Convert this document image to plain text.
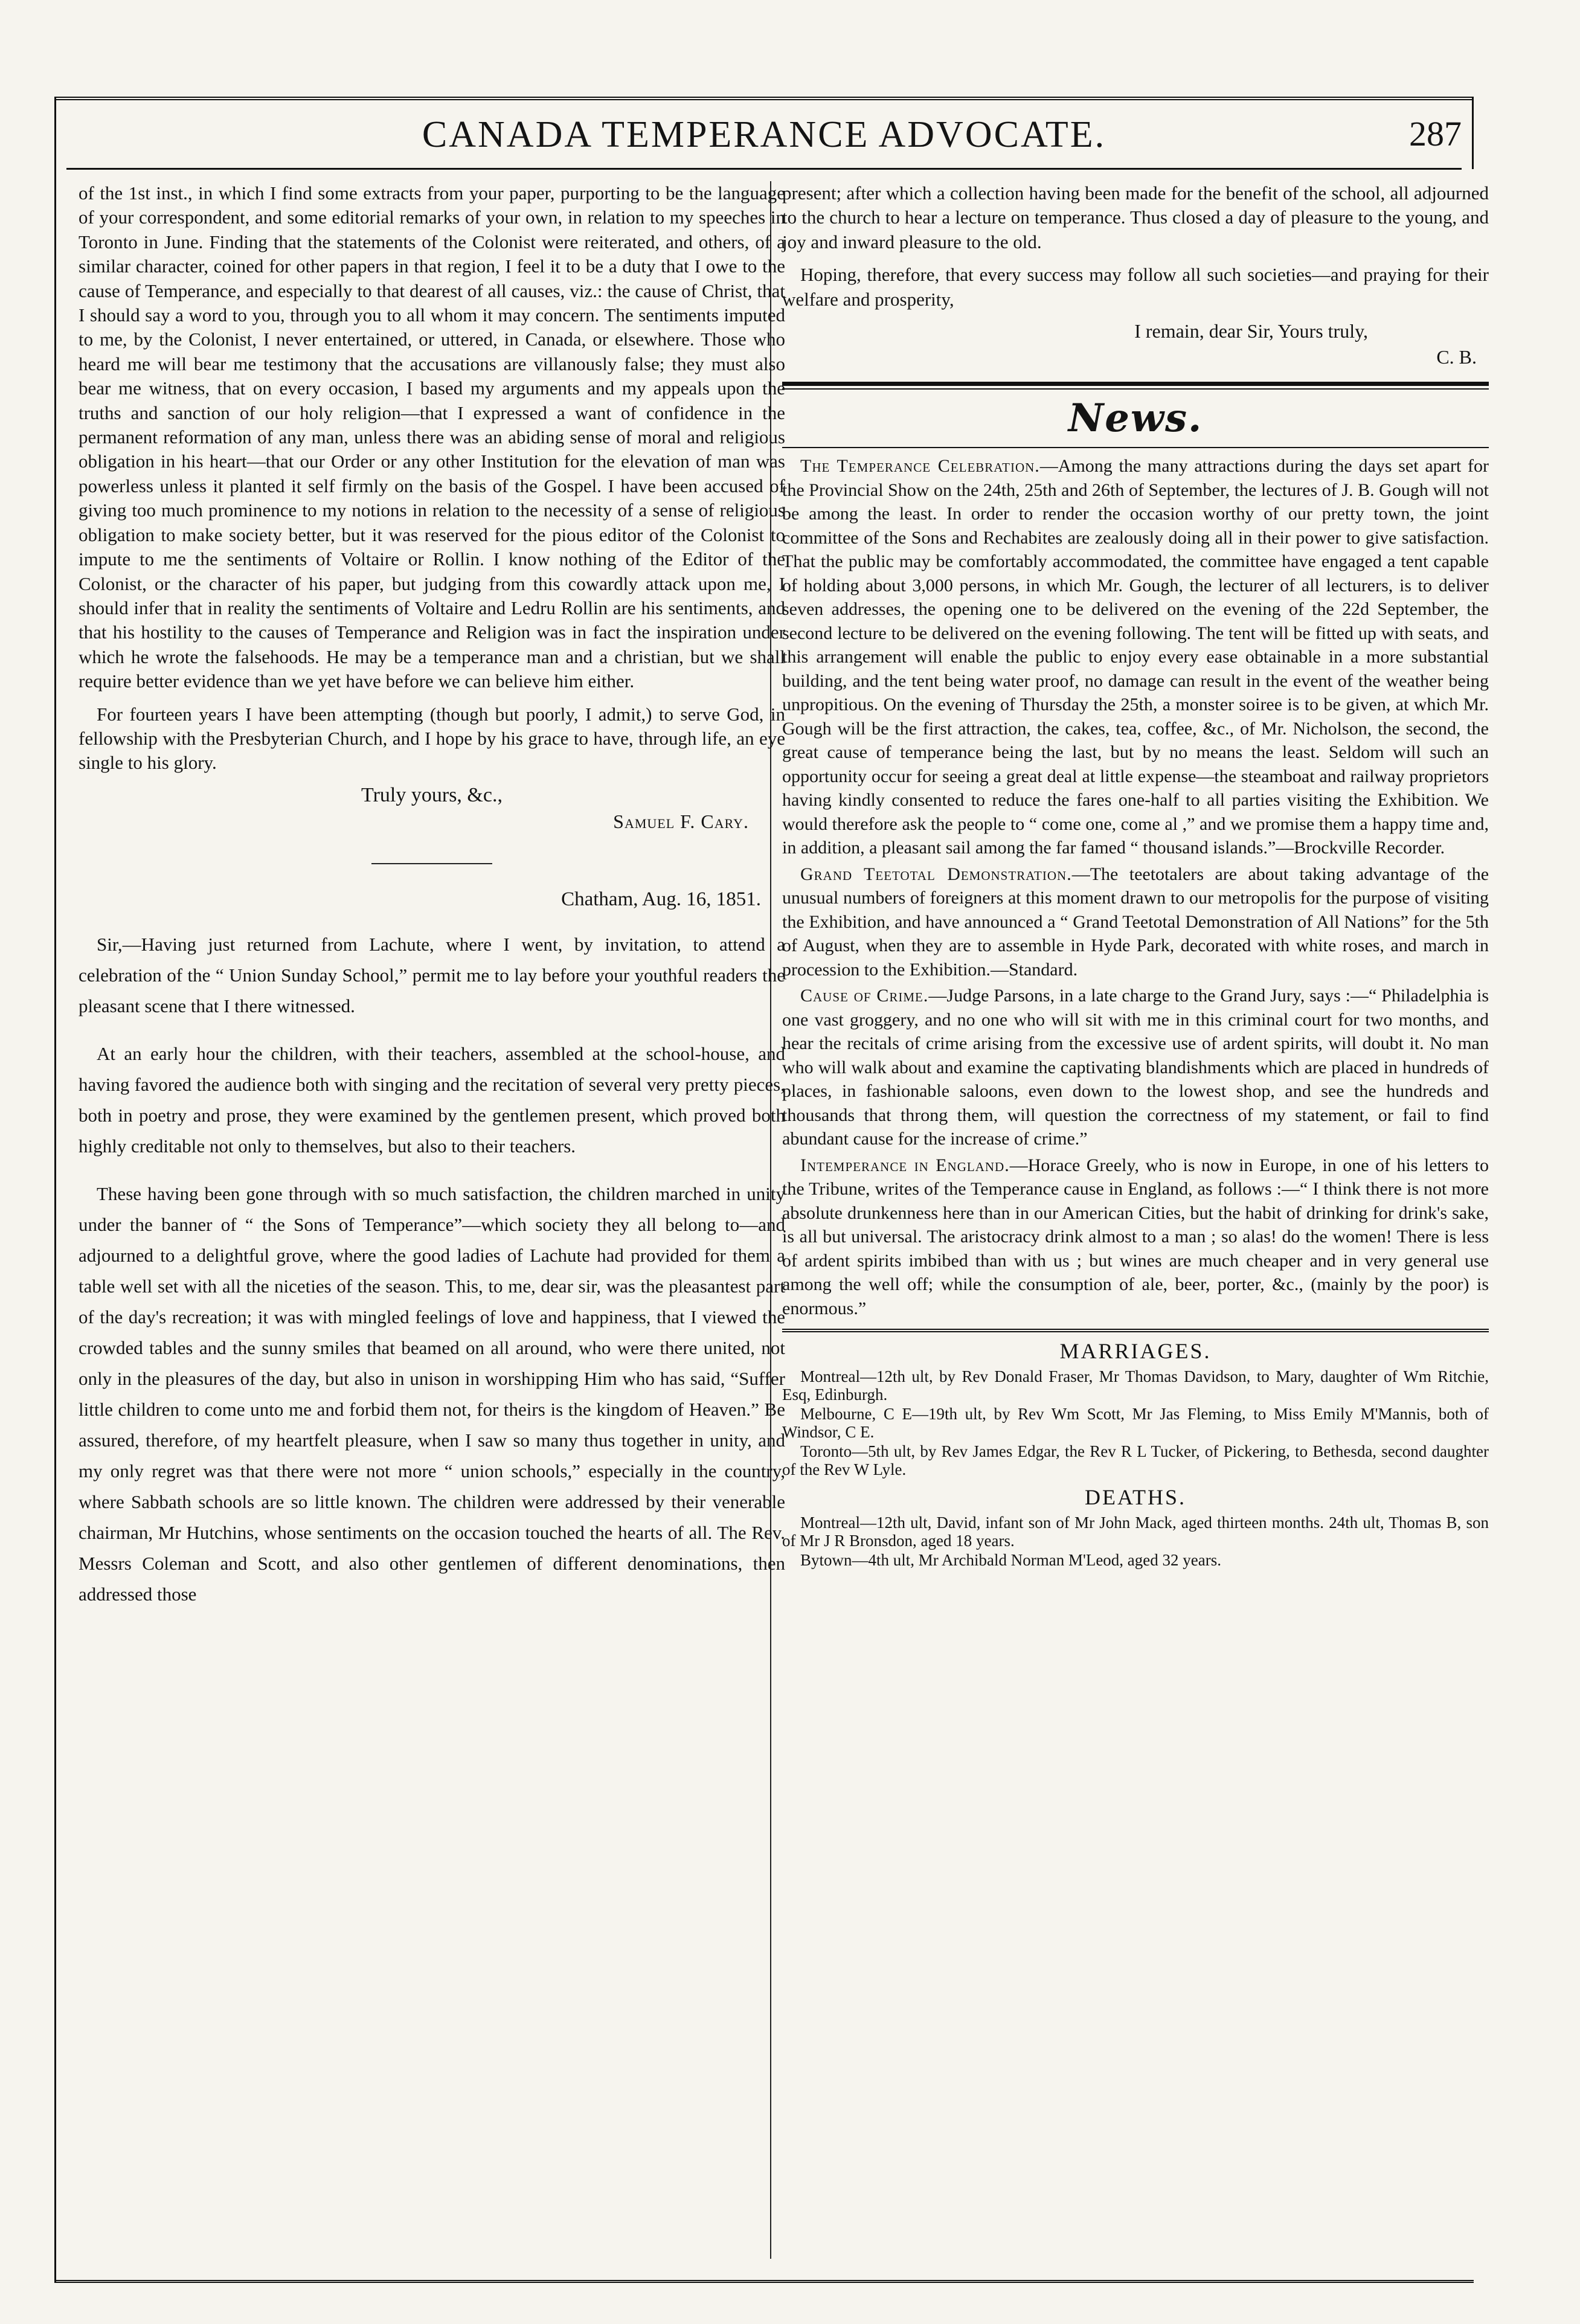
CANADA TEMPERANCE ADVOCATE.	287

of the 1st inst., in which I find some extracts from your paper, purporting to be the language of your correspondent, and some editorial remarks of your own, in relation to my speeches in Toronto in June. Finding that the statements of the Colonist were reiterated, and others, of a similar character, coined for other papers in that region, I feel it to be a duty that I owe to the cause of Temperance, and especially to that dearest of all causes, viz.: the cause of Christ, that I should say a word to you, through you to all whom it may concern. The sentiments imputed to me, by the Colonist, I never entertained, or uttered, in Canada, or elsewhere. Those who heard me will bear me testimony that the accusations are villanously false; they must also bear me witness, that on every occasion, I based my arguments and my appeals upon the truths and sanction of our holy religion—that I expressed a want of confidence in the permanent reformation of any man, unless there was an abiding sense of moral and religious obligation in his heart—that our Order or any other Institution for the elevation of man was powerless unless it planted it self firmly on the basis of the Gospel. I have been accused of giving too much prominence to my notions in relation to the necessity of a sense of religious obligation to make society better, but it was reserved for the pious editor of the Colonist to impute to me the sentiments of Voltaire or Rollin. I know nothing of the Editor of the Colonist, or the character of his paper, but judging from this cowardly attack upon me, I should infer that in reality the sentiments of Voltaire and Ledru Rollin are his sentiments, and that his hostility to the causes of Temperance and Religion was in fact the inspiration under which he wrote the falsehoods. He may be a temperance man and a christian, but we shall require better evidence than we yet have before we can believe him either.

For fourteen years I have been attempting (though but poorly, I admit,) to serve God, in fellowship with the Presbyterian Church, and I hope by his grace to have, through life, an eye single to his glory.

Truly yours, &c.,
Samuel F. Cary.
Chatham, Aug. 16, 1851.

Sir,—Having just returned from Lachute, where I went, by invitation, to attend a celebration of the “ Union Sunday School,” permit me to lay before your youthful readers the pleasant scene that I there witnessed.

At an early hour the children, with their teachers, assembled at the school-house, and having favored the audience both with singing and the recitation of several very pretty pieces, both in poetry and prose, they were examined by the gentlemen present, which proved both highly creditable not only to themselves, but also to their teachers.

These having been gone through with so much satisfaction, the children marched in unity under the banner of “ the Sons of Temperance”—which society they all belong to—and adjourned to a delightful grove, where the good ladies of Lachute had provided for them a table well set with all the niceties of the season. This, to me, dear sir, was the pleasantest part of the day's recreation; it was with mingled feelings of love and happiness, that I viewed the crowded tables and the sunny smiles that beamed on all around, who were there united, not only in the pleasures of the day, but also in unison in worshipping Him who has said, “Suffer little children to come unto me and forbid them not, for theirs is the kingdom of Heaven.” Be assured, therefore, of my heartfelt pleasure, when I saw so many thus together in unity, and my only regret was that there were not more “ union schools,” especially in the country, where Sabbath schools are so little known. The children were addressed by their venerable chairman, Mr Hutchins, whose sentiments on the occasion touched the hearts of all. The Rev. Messrs Coleman and Scott, and also other gentlemen of different denominations, then addressed those

present; after which a collection having been made for the benefit of the school, all adjourned to the church to hear a lecture on temperance. Thus closed a day of pleasure to the young, and joy and inward pleasure to the old.

Hoping, therefore, that every success may follow all such societies—and praying for their welfare and prosperity,

I remain, dear Sir, Yours truly,
C. B.
News.

The Temperance Celebration.—Among the many attractions during the days set apart for the Provincial Show on the 24th, 25th and 26th of September, the lectures of J. B. Gough will not be among the least. In order to render the occasion worthy of our pretty town, the joint committee of the Sons and Rechabites are zealously doing all in their power to give satisfaction. That the public may be comfortably accommodated, the committee have engaged a tent capable of holding about 3,000 persons, in which Mr. Gough, the lecturer of all lecturers, is to deliver seven addresses, the opening one to be delivered on the evening of the 22d September, the second lecture to be delivered on the evening following. The tent will be fitted up with seats, and this arrangement will enable the public to enjoy every ease obtainable in a more substantial building, and the tent being water proof, no damage can result in the event of the weather being unpropitious. On the evening of Thursday the 25th, a monster soiree is to be given, at which Mr. Gough will be the first attraction, the cakes, tea, coffee, &c., of Mr. Nicholson, the second, the great cause of temperance being the last, but by no means the least. Seldom will such an opportunity occur for seeing a great deal at little expense—the steamboat and railway proprietors having kindly consented to reduce the fares one-half to all parties visiting the Exhibition. We would therefore ask the people to “ come one, come al ,” and we promise them a happy time and, in addition, a pleasant sail among the far famed “ thousand islands.”—Brockville Recorder.

Grand Teetotal Demonstration.—The teetotalers are about taking advantage of the unusual numbers of foreigners at this moment drawn to our metropolis for the purpose of visiting the Exhibition, and have announced a “ Grand Teetotal Demonstration of All Nations” for the 5th of August, when they are to assemble in Hyde Park, decorated with white roses, and march in procession to the Exhibition.—Standard.

Cause of Crime.—Judge Parsons, in a late charge to the Grand Jury, says :—“ Philadelphia is one vast groggery, and no one who will sit with me in this criminal court for two months, and hear the recitals of crime arising from the excessive use of ardent spirits, will doubt it. No man who will walk about and examine the captivating blandishments which are placed in hundreds of places, in fashionable saloons, even down to the lowest shop, and see the hundreds and thousands that throng them, will question the correctness of my statement, or fail to find abundant cause for the increase of crime.”

Intemperance in England.—Horace Greely, who is now in Europe, in one of his letters to the Tribune, writes of the Temperance cause in England, as follows :—“ I think there is not more absolute drunkenness here than in our American Cities, but the habit of drinking for drink's sake, is all but universal. The aristocracy drink almost to a man ; so alas! do the women! There is less of ardent spirits imbibed than with us ; but wines are much cheaper and in very general use among the well off; while the consumption of ale, beer, porter, &c., (mainly by the poor) is enormous.”

MARRIAGES.

Montreal—12th ult, by Rev Donald Fraser, Mr Thomas Davidson, to Mary, daughter of Wm Ritchie, Esq, Edinburgh.

Melbourne, C E—19th ult, by Rev Wm Scott, Mr Jas Fleming, to Miss Emily M'Mannis, both of Windsor, C E.

Toronto—5th ult, by Rev James Edgar, the Rev R L Tucker, of Pickering, to Bethesda, second daughter of the Rev W Lyle.

DEATHS.

Montreal—12th ult, David, infant son of Mr John Mack, aged thirteen months. 24th ult, Thomas B, son of Mr J R Bronsdon, aged 18 years.

Bytown—4th ult, Mr Archibald Norman M'Leod, aged 32 years.
